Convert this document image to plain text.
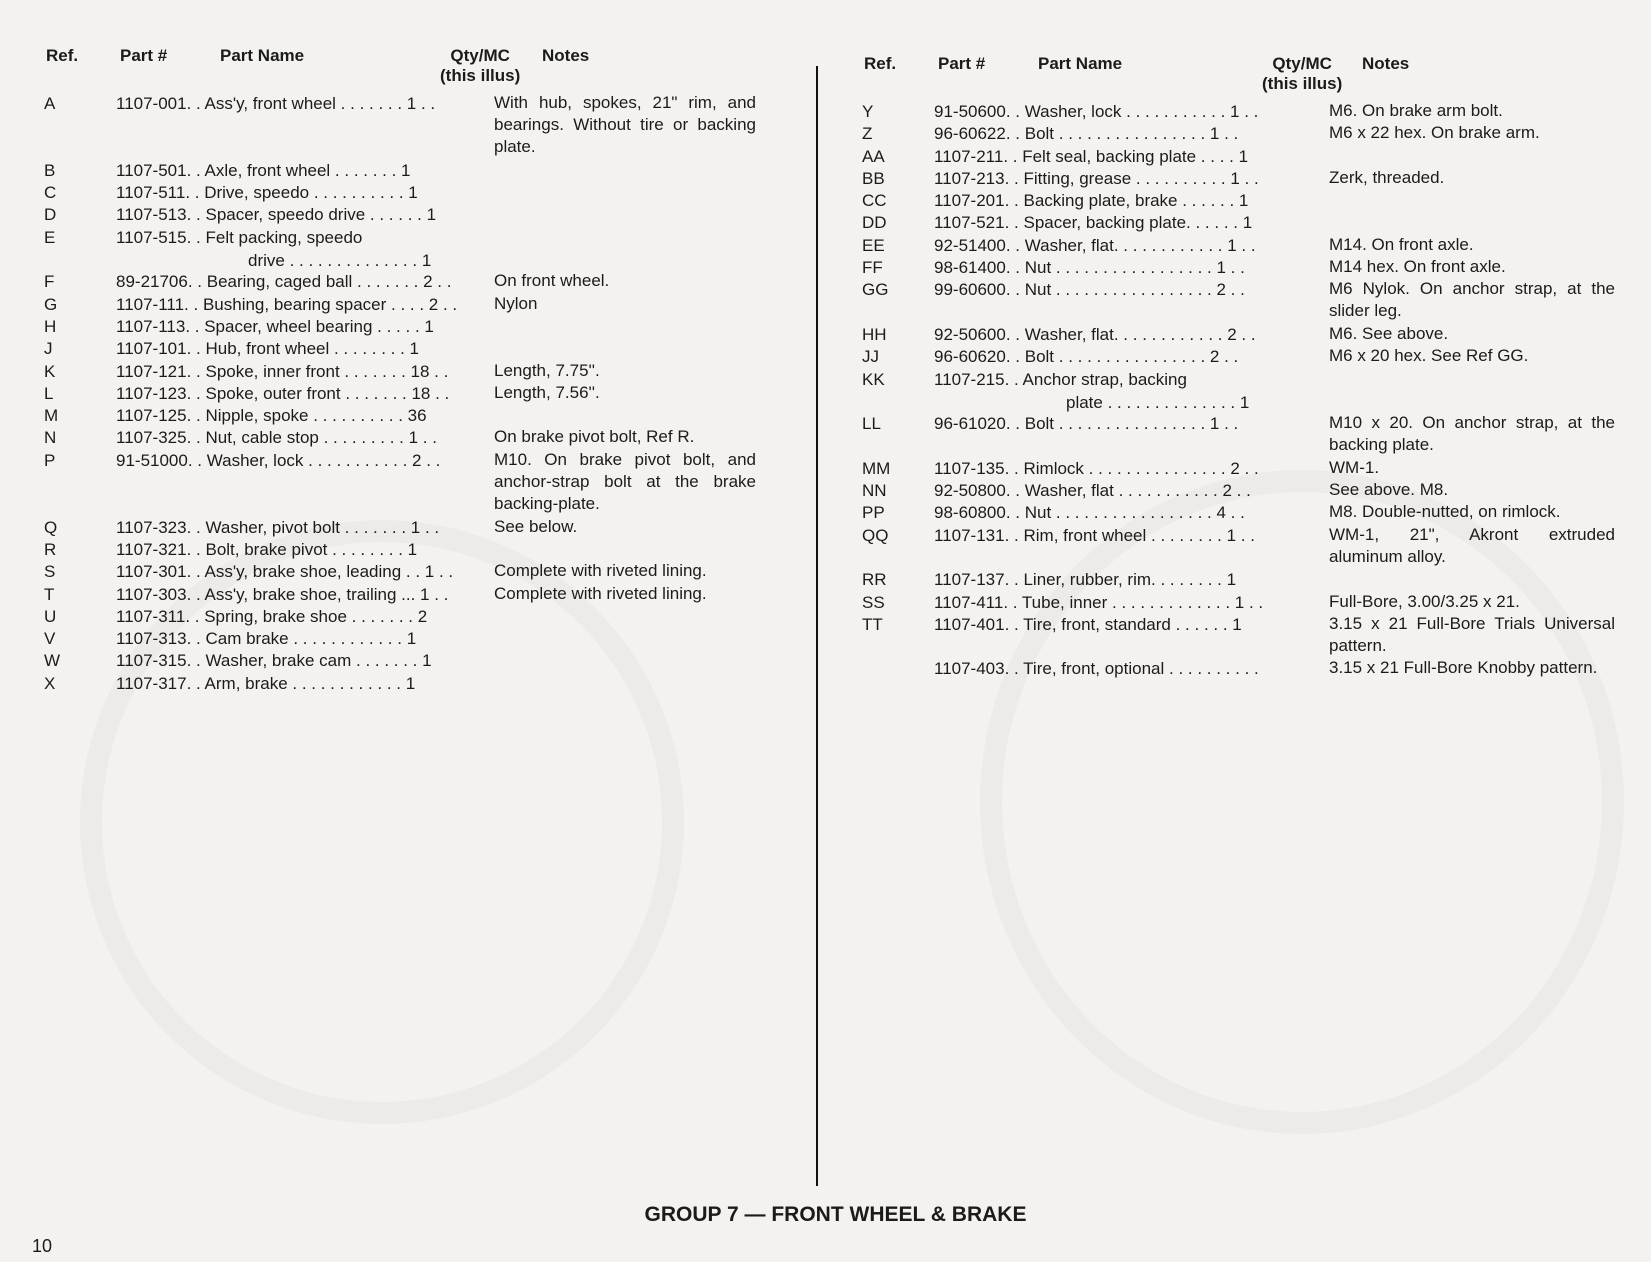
Ref. Part #	Part Name	Qty/MC
(this illus)
Notes
A	1107-001. . Ass'y, front wheel . . . . . . . 1 . .	With hub, spokes, 21" rim, and bearings. Without tire or backing plate.
B	1107-501. . Axle, front wheel . . . . . . . 1
C	1107-511. . Drive, speedo . . . . . . . . . . 1
D	1107-513. . Spacer, speedo drive . . . . . . 1
E	1107-515. . Felt packing, speedo
drive . . . . . . . . . . . . . . 1
F	89-21706. . Bearing, caged ball . . . . . . . 2 . .	On front wheel.
G	1107-111. . Bushing, bearing spacer . . . . 2 . .	Nylon
H	1107-113. . Spacer, wheel bearing . . . . . 1
J	1107-101. . Hub, front wheel . . . . . . . . 1
K	1107-121. . Spoke, inner front . . . . . . . 18 . .	Length, 7.75''.
L	1107-123. . Spoke, outer front . . . . . . . 18 . .	Length, 7.56''.
M	1107-125. . Nipple, spoke . . . . . . . . . . 36
N	1107-325. . Nut, cable stop . . . . . . . . . 1 . .	On brake pivot bolt, Ref R.
P	91-51000. . Washer, lock . . . . . . . . . . . 2 . .	M10. On brake pivot bolt, and anchor-strap bolt at the brake backing-plate.
Q	1107-323. . Washer, pivot bolt . . . . . . . 1 . .	See below.
R	1107-321. . Bolt, brake pivot . . . . . . . . 1
S	1107-301. . Ass'y, brake shoe, leading . . 1 . .	Complete with riveted lining.
T	1107-303. . Ass'y, brake shoe, trailing ... 1 . .	Complete with riveted lining.
U	1107-311. . Spring, brake shoe . . . . . . . 2
V	1107-313. . Cam brake . . . . . . . . . . . . 1
W	1107-315. . Washer, brake cam . . . . . . . 1
X	1107-317. . Arm, brake . . . . . . . . . . . . 1
Ref. Part #	Part Name	Qty/MC
(this illus)
Notes
Y	91-50600. . Washer, lock . . . . . . . . . . . 1 . .	M6. On brake arm bolt.
Z	96-60622. . Bolt . . . . . . . . . . . . . . . . 1 . .	M6 x 22 hex. On brake arm.
AA	1107-211. . Felt seal, backing plate . . . . 1
BB	1107-213. . Fitting, grease . . . . . . . . . . 1 . .	Zerk, threaded.
CC	1107-201. . Backing plate, brake . . . . . . 1
DD	1107-521. . Spacer, backing plate. . . . . . 1
EE	92-51400. . Washer, flat. . . . . . . . . . . . 1 . .	M14. On front axle.
FF	98-61400. . Nut . . . . . . . . . . . . . . . . . 1 . .	M14 hex. On front axle.
GG	99-60600. . Nut . . . . . . . . . . . . . . . . . 2 . .	M6 Nylok. On anchor strap, at the slider leg.
HH	92-50600. . Washer, flat. . . . . . . . . . . . 2 . .	M6. See above.
JJ	96-60620. . Bolt . . . . . . . . . . . . . . . . 2 . .	M6 x 20 hex. See Ref GG.
KK	1107-215. . Anchor strap, backing
plate . . . . . . . . . . . . . . 1
LL	96-61020. . Bolt . . . . . . . . . . . . . . . . 1 . .	M10 x 20. On anchor strap, at the backing plate.
MM	1107-135. . Rimlock . . . . . . . . . . . . . . . 2 . .	WM-1.
NN	92-50800. . Washer, flat . . . . . . . . . . . 2 . .	See above. M8.
PP	98-60800. . Nut . . . . . . . . . . . . . . . . . 4 . .	M8. Double-nutted, on rimlock.
QQ	1107-131. . Rim, front wheel . . . . . . . . 1 . .	WM-1, 21", Akront extruded aluminum alloy.
RR	1107-137. . Liner, rubber, rim. . . . . . . . 1
SS	1107-411. . Tube, inner . . . . . . . . . . . . . 1 . .	Full-Bore, 3.00/3.25 x 21.
TT	1107-401. . Tire, front, standard . . . . . . 1	3.15 x 21 Full-Bore Trials Universal pattern.
1107-403. . Tire, front, optional . . . . . . . . . .	3.15 x 21 Full-Bore Knobby pattern.
GROUP 7 — FRONT WHEEL & BRAKE
10
